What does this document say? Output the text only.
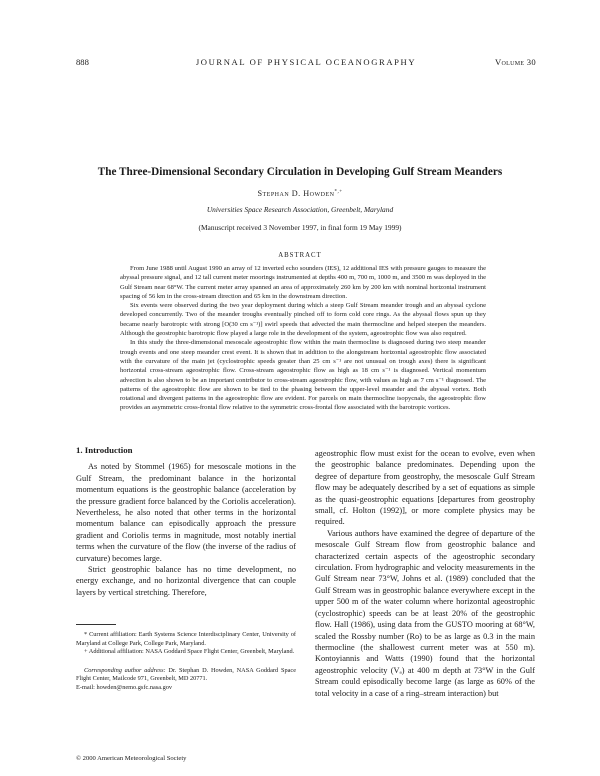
888	JOURNAL OF PHYSICAL OCEANOGRAPHY	Volume 30
The Three-Dimensional Secondary Circulation in Developing Gulf Stream Meanders
Stephan D. Howden*,+
Universities Space Research Association, Greenbelt, Maryland
(Manuscript received 3 November 1997, in final form 19 May 1999)
ABSTRACT

From June 1988 until August 1990 an array of 12 inverted echo sounders (IES), 12 additional IES with pressure gauges to measure the abyssal pressure signal, and 12 tall current meter moorings instrumented at depths 400 m, 700 m, 1000 m, and 3500 m was deployed in the Gulf Stream near 68°W. The current meter array spanned an area of approximately 260 km by 200 km with nominal horizontal instrument spacing of 56 km in the cross-stream direction and 65 km in the downstream direction.

Six events were observed during the two year deployment during which a steep Gulf Stream meander trough and an abyssal cyclone developed concurrently. Two of the meander troughs eventually pinched off to form cold core rings. As the abyssal flows spun up they became nearly barotropic with strong [O(30 cm s⁻¹)] swirl speeds that advected the main thermocline and helped steepen the meanders. Although the geostrophic barotropic flow played a large role in the development of the system, ageostrophic flow was also required.

In this study the three-dimensional mesoscale ageostrophic flow within the main thermocline is diagnosed during two steep meander trough events and one steep meander crest event. It is shown that in addition to the alongstream horizontal ageostrophic flow associated with the curvature of the main jet (cyclostrophic speeds greater than 25 cm s⁻¹ are not unusual on trough axes) there is significant horizontal cross-stream ageostrophic flow. Cross-stream ageostrophic flow as high as 18 cm s⁻¹ is diagnosed. Vertical momentum advection is also shown to be an important contributor to cross-stream ageostrophic flow, with values as high as 7 cm s⁻¹ diagnosed. The patterns of the ageostrophic flow are shown to be tied to the phasing between the upper-level meander and the abyssal vortex. Both rotational and divergent patterns in the ageostrophic flow are evident. For parcels on main thermocline isopycnals, the ageostrophic flow provides an asymmetric cross-frontal flow relative to the symmetric cross-frontal flow associated with the barotropic vortices.

1. Introduction

As noted by Stommel (1965) for mesoscale motions in the Gulf Stream, the predominant balance in the horizontal momentum equations is the geostrophic balance (acceleration by the pressure gradient force balanced by the Coriolis acceleration). Nevertheless, he also noted that other terms in the horizontal momentum balance can episodically approach the pressure gradient and Coriolis terms in magnitude, most notably inertial terms when the curvature of the flow (the inverse of the radius of curvature) becomes large.

Strict geostrophic balance has no time development, no energy exchange, and no horizontal divergence that can couple layers by vertical stretching. Therefore,

ageostrophic flow must exist for the ocean to evolve, even when the geostrophic balance predominates. Depending upon the degree of departure from geostrophy, the mesoscale Gulf Stream flow may be adequately described by a set of equations as simple as the quasi-geostrophic equations [departures from geostrophy small, cf. Holton (1992)], or more complete physics may be required.

Various authors have examined the degree of departure of the mesoscale Gulf Stream flow from geostrophic balance and characterized certain aspects of the ageostrophic secondary circulation. From hydrographic and velocity measurements in the Gulf Stream near 73°W, Johns et al. (1989) concluded that the Gulf Stream was in geostrophic balance everywhere except in the upper 500 m of the water column where horizontal ageostrophic (cyclostrophic) speeds can be at least 20% of the geostrophic flow. Hall (1986), using data from the GUSTO mooring at 68°W, scaled the Rossby number (Ro) to be as large as 0.3 in the main thermocline (the shallowest current meter was at 550 m). Kontoyiannis and Watts (1990) found that the horizontal ageostrophic velocity (Vₐ) at 400 m depth at 73°W in the Gulf Stream could episodically become large (as large as 60% of the total velocity in a case of a ring–stream interaction) but

* Current affiliation: Earth Systems Science Interdisciplinary Center, University of Maryland at College Park, College Park, Maryland.

+ Additional affiliation: NASA Goddard Space Flight Center, Greenbelt, Maryland.

Corresponding author address: Dr. Stephan D. Howden, NASA Goddard Space Flight Center, Mailcode 971, Greenbelt, MD 20771.

E-mail: howden@nemo.gsfc.nasa.gov

© 2000 American Meteorological Society
